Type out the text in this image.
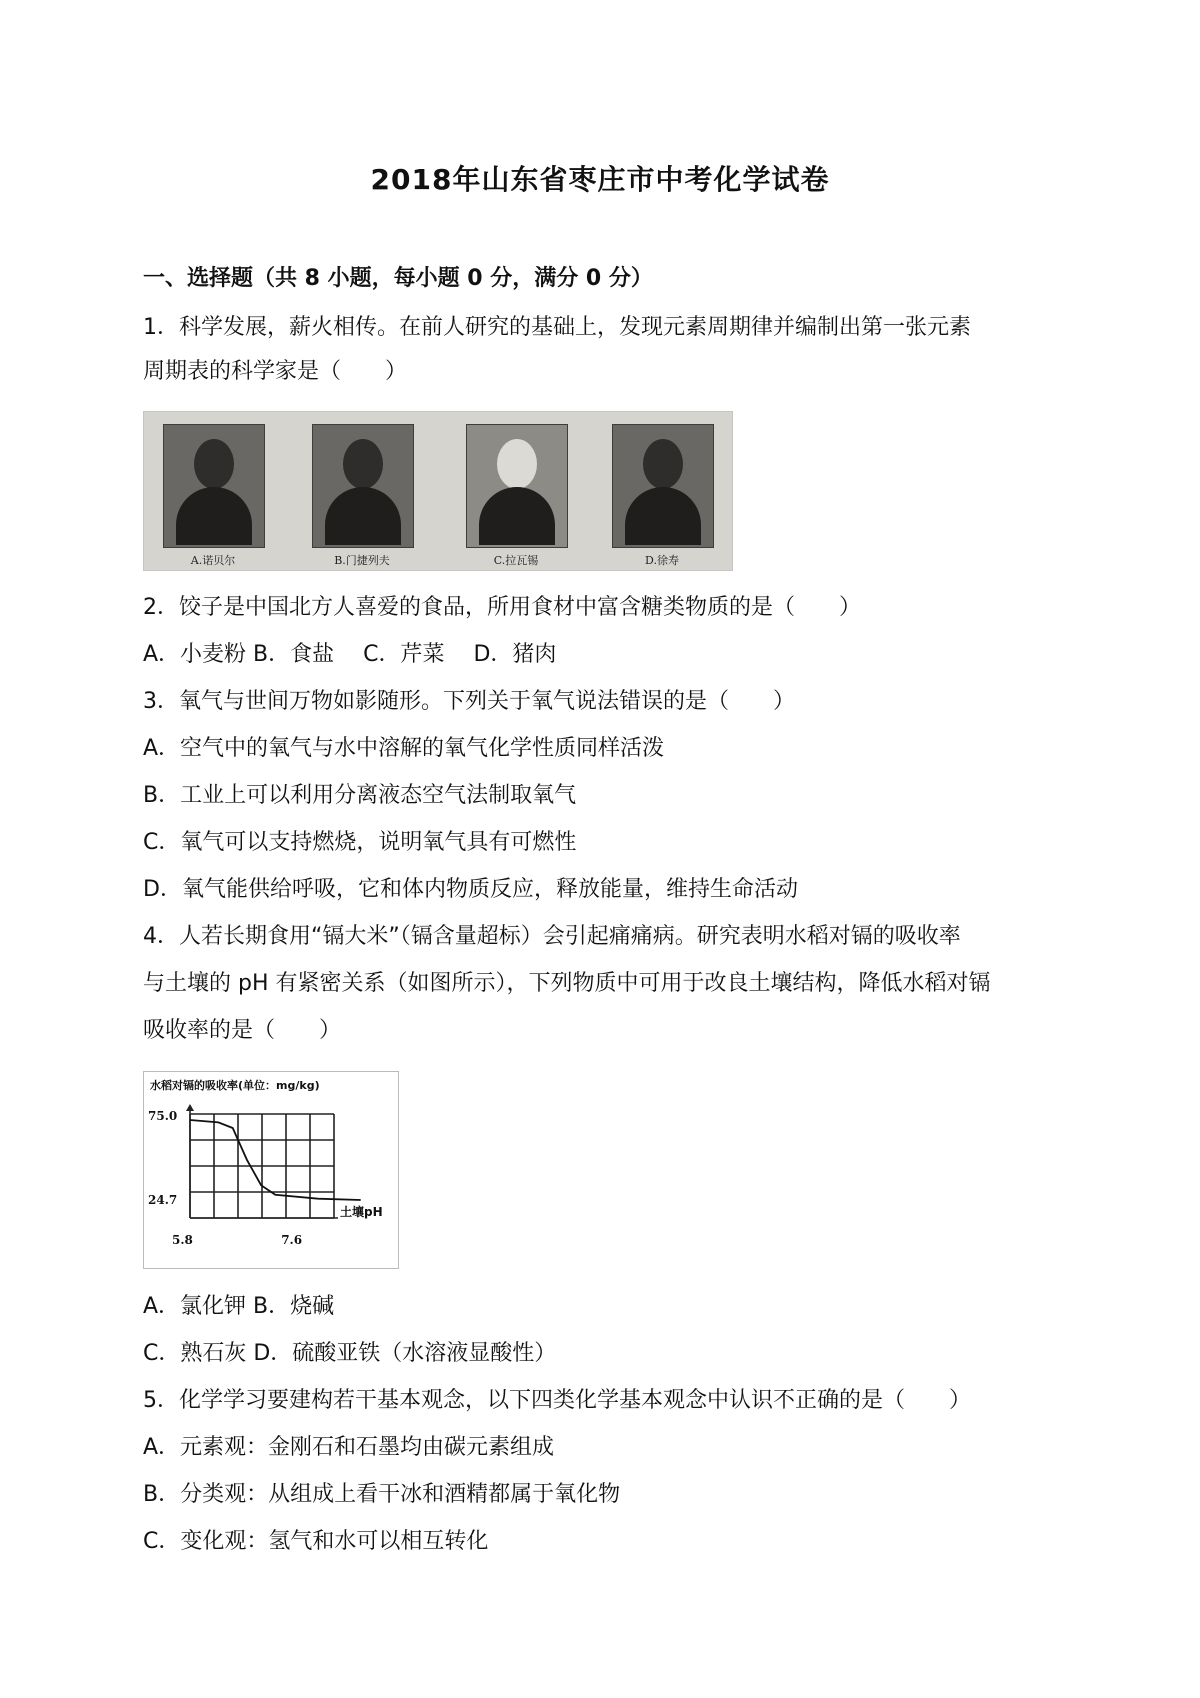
2018年山东省枣庄市中考化学试卷
一、选择题（共 8 小题，每小题 0 分，满分 0 分）
1．科学发展，薪火相传。在前人研究的基础上，发现元素周期律并编制出第一张元素
周期表的科学家是（　　）
A.诺贝尔	B.门捷列夫	C.拉瓦锡	D.徐寿
2．饺子是中国北方人喜爱的食品，所用食材中富含糖类物质的是（　　）
A．小麦粉 B．食盐　 C．芹菜　 D．猪肉
3．氧气与世间万物如影随形。下列关于氧气说法错误的是（　　）
A．空气中的氧气与水中溶解的氧气化学性质同样活泼
B．工业上可以利用分离液态空气法制取氧气
C．氧气可以支持燃烧，说明氧气具有可燃性
D．氧气能供给呼吸，它和体内物质反应，释放能量，维持生命活动
4．人若长期食用“镉大米”（镉含量超标）会引起痛痛病。研究表明水稻对镉的吸收率
与土壤的 pH 有紧密关系（如图所示），下列物质中可用于改良土壤结构，降低水稻对镉
吸收率的是（　　）
水稻对镉的吸收率(单位：mg/kg)
75.0
24.7
5.8	7.6
土壤pH
A．氯化钾 B．烧碱
C．熟石灰 D．硫酸亚铁（水溶液显酸性）
5．化学学习要建构若干基本观念，以下四类化学基本观念中认识不正确的是（　　）
A．元素观：金刚石和石墨均由碳元素组成
B．分类观：从组成上看干冰和酒精都属于氧化物
C．变化观：氢气和水可以相互转化
